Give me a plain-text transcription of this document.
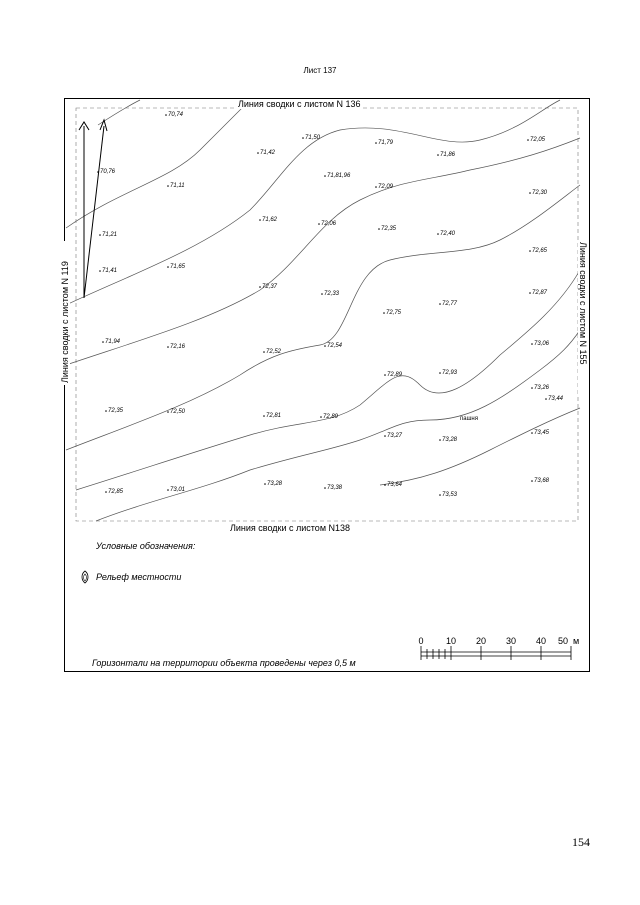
Лист 137
70,74
71,50
71,79
71,42	71,86
72,05
70,76
71,11
71,81,96
72,09
72,30
71,21
71,62
72,06
72,35
72,40
71,41
71,65
72,65
72,37
72,33	72,87
72,77
72,75
71,94
72,16
72,52
72,54	73,06
72,89	72,93
73,26
73,44
72,35	72,50
72,81	72,89
73,27
73,28
73,45
72,85	73,01
73,28
73,38	73,64
73,53
73,68
пашня
Линия сводки с листом N 136
Линия сводки с листом N138
Линия сводки с листом N 119	Линия сводки с листом N 155
Условные обозначения:
Рельеф местности
0	10 20 30 40 50 м
Горизонтали на территории объекта проведены через 0,5 м
154
